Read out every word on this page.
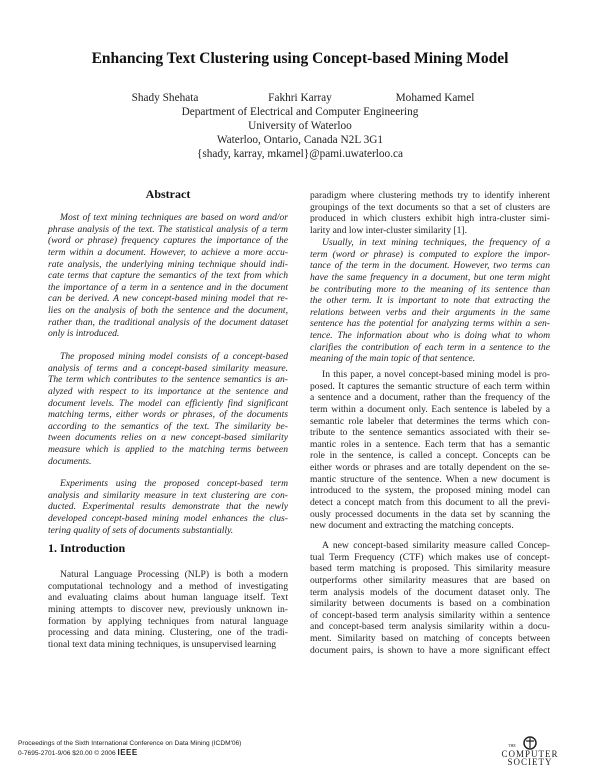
Enhancing Text Clustering using Concept-based Mining Model
Shady Shehata	Fakhri Karray	Mohamed Kamel
Department of Electrical and Computer Engineering
University of Waterloo
Waterloo, Ontario, Canada N2L 3G1
{shady, karray, mkamel}@pami.uwaterloo.ca
Abstract
Most of text mining techniques are based on word and/or
phrase analysis of the text. The statistical analysis of a term
(word or phrase) frequency captures the importance of the
term within a document. However, to achieve a more accu-
rate analysis, the underlying mining technique should indi-
cate terms that capture the semantics of the text from which
the importance of a term in a sentence and in the document
can be derived. A new concept-based mining model that re-
lies on the analysis of both the sentence and the document,
rather than, the traditional analysis of the document dataset
only is introduced.
The proposed mining model consists of a concept-based
analysis of terms and a concept-based similarity measure.
The term which contributes to the sentence semantics is an-
alyzed with respect to its importance at the sentence and
document levels. The model can efficiently find significant
matching terms, either words or phrases, of the documents
according to the semantics of the text. The similarity be-
tween documents relies on a new concept-based similarity
measure which is applied to the matching terms between
documents.
Experiments using the proposed concept-based term
analysis and similarity measure in text clustering are con-
ducted. Experimental results demonstrate that the newly
developed concept-based mining model enhances the clus-
tering quality of sets of documents substantially.
1. Introduction
Natural Language Processing (NLP) is both a modern
computational technology and a method of investigating
and evaluating claims about human language itself. Text
mining attempts to discover new, previously unknown in-
formation by applying techniques from natural language
processing and data mining. Clustering, one of the tradi-
tional text data mining techniques, is unsupervised learning
paradigm where clustering methods try to identify inherent
groupings of the text documents so that a set of clusters are
produced in which clusters exhibit high intra-cluster simi-
larity and low inter-cluster similarity [1].
Usually, in text mining techniques, the frequency of a
term (word or phrase) is computed to explore the impor-
tance of the term in the document. However, two terms can
have the same frequency in a document, but one term might
be contributing more to the meaning of its sentence than
the other term. It is important to note that extracting the
relations between verbs and their arguments in the same
sentence has the potential for analyzing terms within a sen-
tence. The information about who is doing what to whom
clarifies the contribution of each term in a sentence to the
meaning of the main topic of that sentence.
In this paper, a novel concept-based mining model is pro-
posed. It captures the semantic structure of each term within
a sentence and a document, rather than the frequency of the
term within a document only. Each sentence is labeled by a
semantic role labeler that determines the terms which con-
tribute to the sentence semantics associated with their se-
mantic roles in a sentence. Each term that has a semantic
role in the sentence, is called a concept. Concepts can be
either words or phrases and are totally dependent on the se-
mantic structure of the sentence. When a new document is
introduced to the system, the proposed mining model can
detect a concept match from this document to all the previ-
ously processed documents in the data set by scanning the
new document and extracting the matching concepts.
A new concept-based similarity measure called Concep-
tual Term Frequency (CTF) which makes use of concept-
based term matching is proposed. This similarity measure
outperforms other similarity measures that are based on
term analysis models of the document dataset only. The
similarity between documents is based on a combination
of concept-based term analysis similarity within a sentence
and concept-based term analysis similarity within a docu-
ment. Similarity based on matching of concepts between
document pairs, is shown to have a more significant effect
Proceedings of the Sixth International Conference on Data Mining (ICDM'06)
0-7695-2701-9/06 $20.00 © 2006 IEEE
THE
COMPUTER
SOCIETY
